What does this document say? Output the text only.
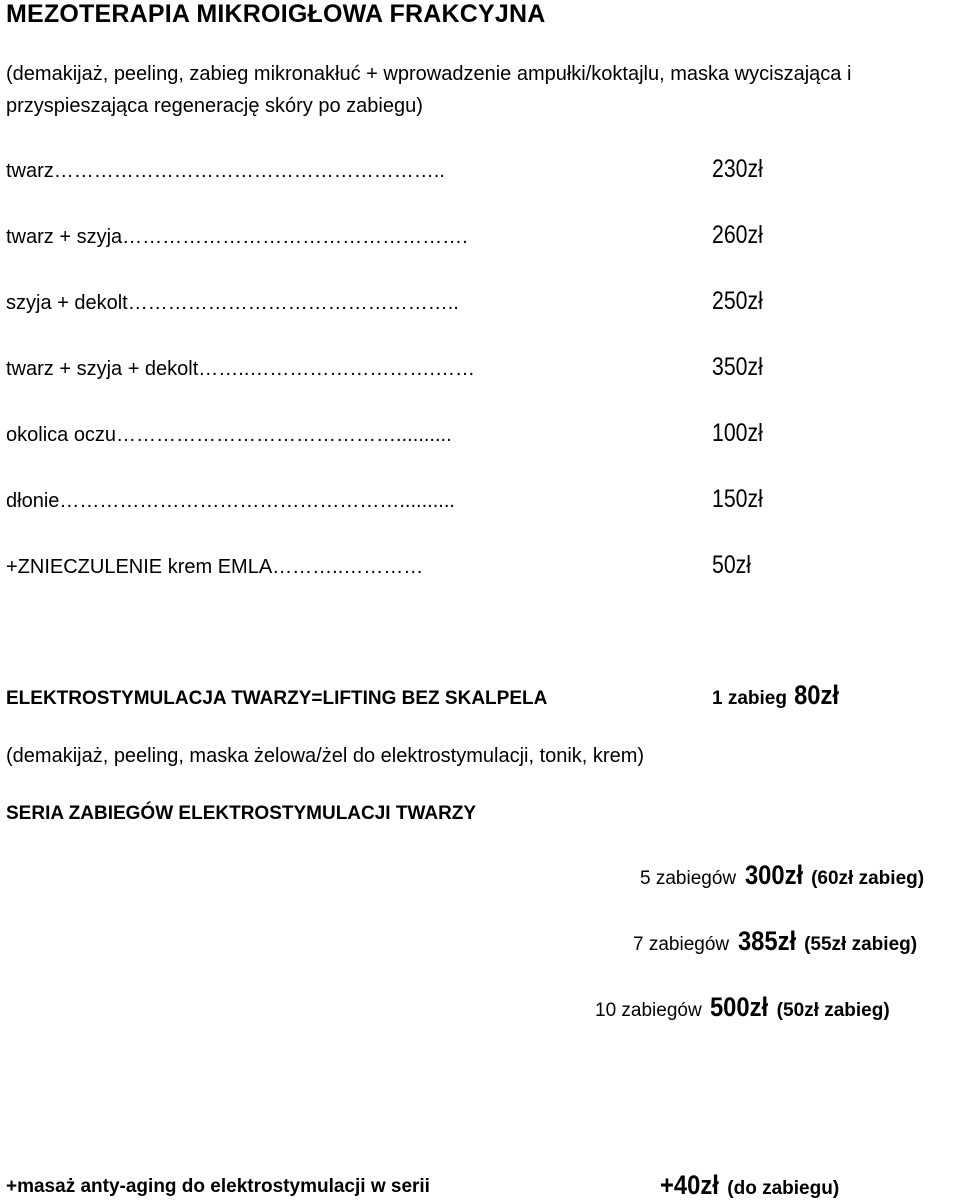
MEZOTERAPIA MIKROIGŁOWA FRAKCYJNA
(demakijaż, peeling, zabieg mikronakłuć + wprowadzenie ampułki/koktajlu, maska wyciszająca i przyspieszająca regenerację skóry po zabiegu)
twarz…………………………………………………..	230zł
twarz + szyja…………………………………………….	260zł
szyja + dekolt…………………………………………..	250zł
twarz + szyja + dekolt……..……………………….……	350zł
okolica oczu……………………………………..........	100zł
dłonie……………………………………………..........	150zł
+ZNIECZULENIE krem EMLA………..…………	50zł
ELEKTROSTYMULACJA TWARZY=LIFTING BEZ SKALPELA	1 zabieg 80zł
(demakijaż, peeling, maska żelowa/żel do elektrostymulacji, tonik, krem)
SERIA ZABIEGÓW ELEKTROSTYMULACJI TWARZY
5 zabiegów 300zł (60zł zabieg)
7 zabiegów 385zł (55zł zabieg)
10 zabiegów 500zł (50zł zabieg)
+masaż anty-aging do elektrostymulacji w serii	+40zł (do zabiegu)
